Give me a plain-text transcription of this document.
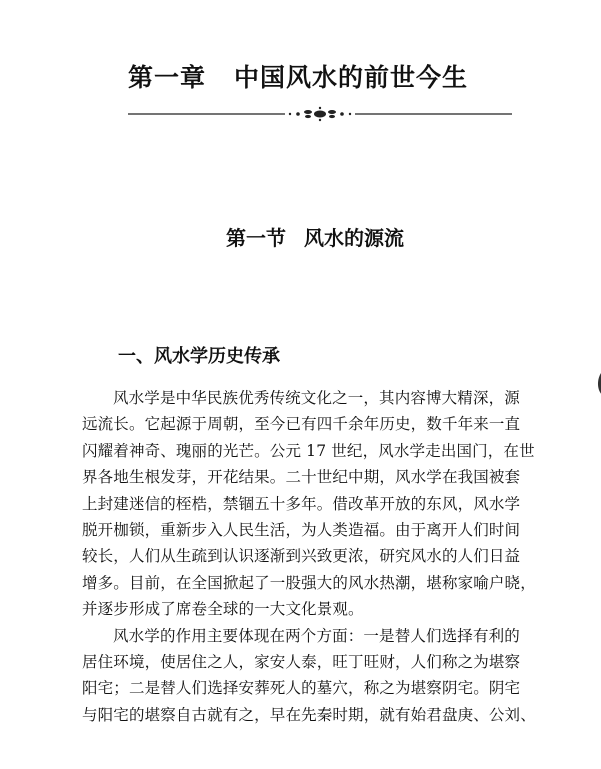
第一章 中国风水的前世今生
第一节 风水的源流
一、风水学历史传承
风水学是中华民族优秀传统文化之一，其内容博大精深，源
远流长。它起源于周朝，至今已有四千余年历史，数千年来一直
闪耀着神奇、瑰丽的光芒。公元 17 世纪，风水学走出国门，在世
界各地生根发芽，开花结果。二十世纪中期，风水学在我国被套
上封建迷信的桎梏，禁锢五十多年。借改革开放的东风，风水学
脱开枷锁，重新步入人民生活，为人类造福。由于离开人们时间
较长，人们从生疏到认识逐渐到兴致更浓，研究风水的人们日益
增多。目前，在全国掀起了一股强大的风水热潮，堪称家喻户晓，
并逐步形成了席卷全球的一大文化景观。
风水学的作用主要体现在两个方面：一是替人们选择有利的
居住环境，使居住之人，家安人泰，旺丁旺财，人们称之为堪察
阳宅；二是替人们选择安葬死人的墓穴，称之为堪察阴宅。阴宅
与阳宅的堪察自古就有之，早在先秦时期，就有始君盘庚、公刘、
